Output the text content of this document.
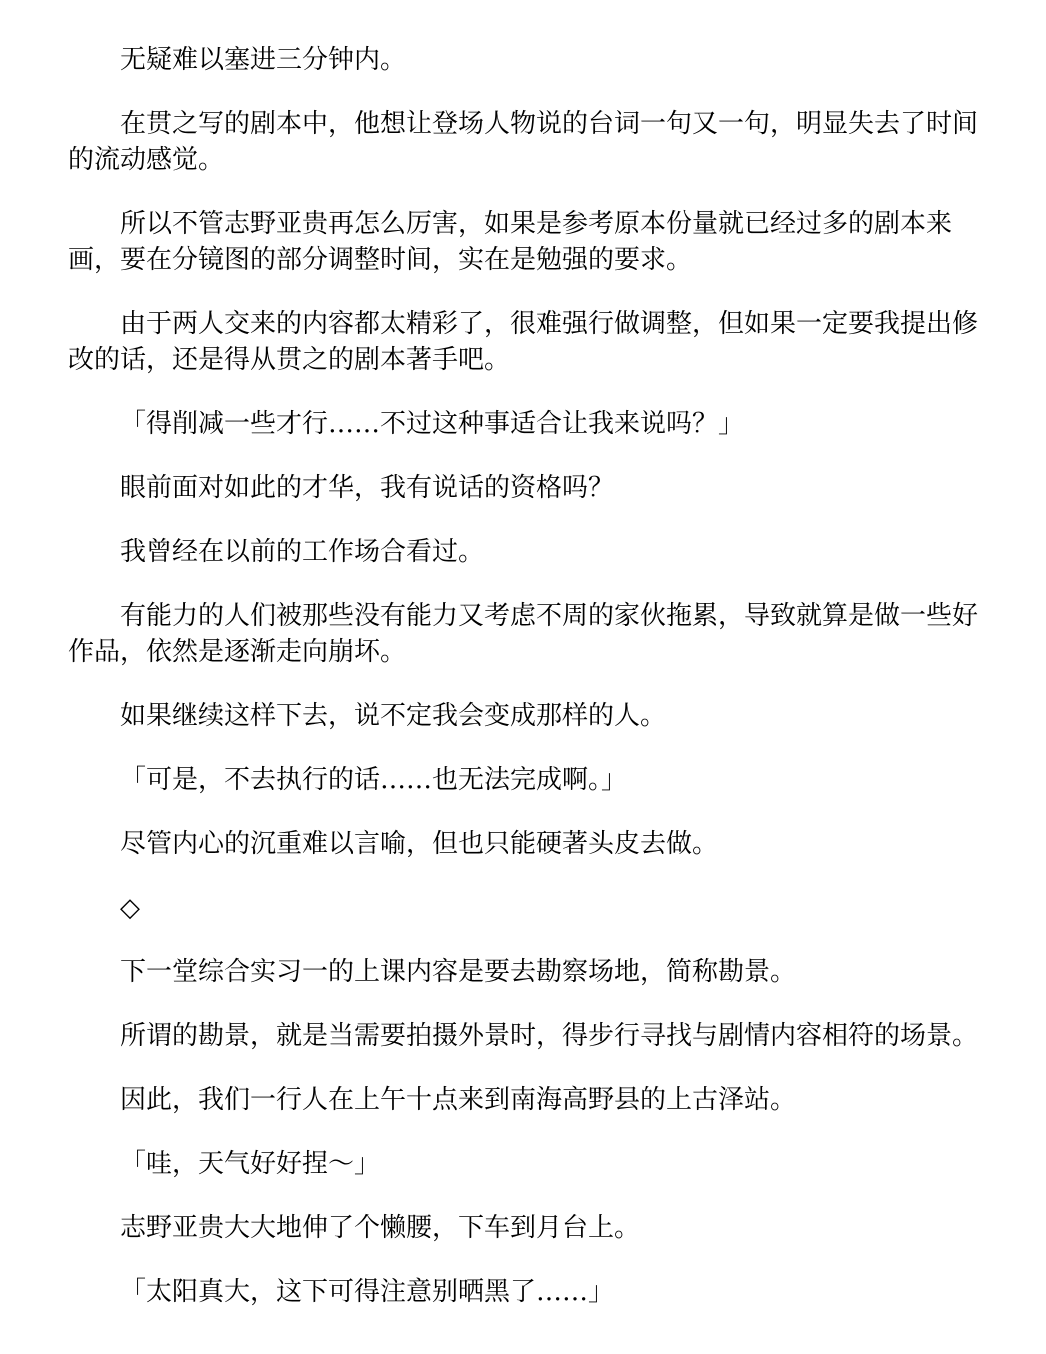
无疑难以塞进三分钟内。

在贯之写的剧本中，他想让登场人物说的台词一句又一句，明显失去了时间的流动感觉。

所以不管志野亚贵再怎么厉害，如果是参考原本份量就已经过多的剧本来画，要在分镜图的部分调整时间，实在是勉强的要求。

由于两人交来的内容都太精彩了，很难强行做调整，但如果一定要我提出修改的话，还是得从贯之的剧本著手吧。

「得削减一些才行……不过这种事适合让我来说吗？」

眼前面对如此的才华，我有说话的资格吗？

我曾经在以前的工作场合看过。

有能力的人们被那些没有能力又考虑不周的家伙拖累，导致就算是做一些好作品，依然是逐渐走向崩坏。

如果继续这样下去，说不定我会变成那样的人。

「可是，不去执行的话……也无法完成啊。」

尽管内心的沉重难以言喻，但也只能硬著头皮去做。

◇

下一堂综合实习一的上课内容是要去勘察场地，简称勘景。

所谓的勘景，就是当需要拍摄外景时，得步行寻找与剧情内容相符的场景。

因此，我们一行人在上午十点来到南海高野县的上古泽站。

「哇，天气好好捏～」

志野亚贵大大地伸了个懒腰，下车到月台上。

「太阳真大，这下可得注意别晒黑了……」
